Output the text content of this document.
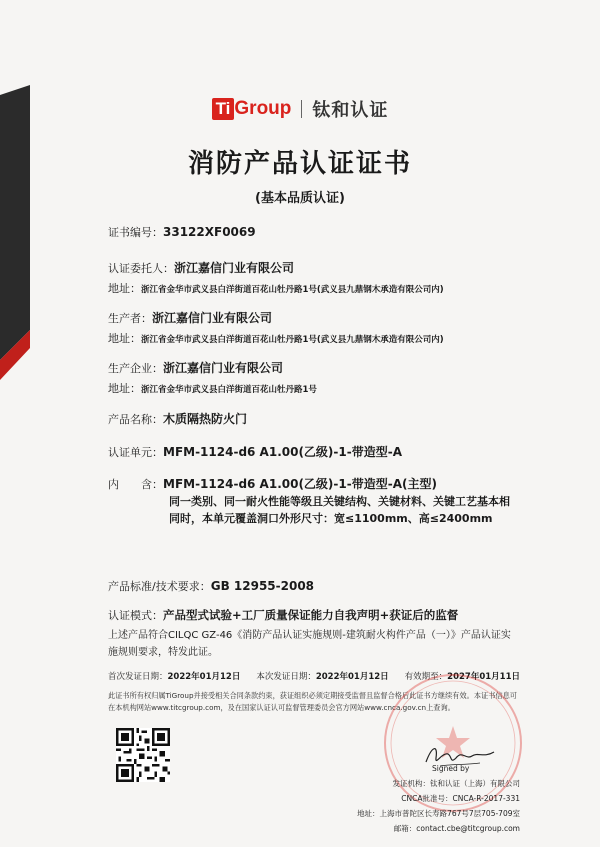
Ti Group 钛和认证
消防产品认证证书
(基本品质认证)
证书编号：33122XF0069
认证委托人：浙江嘉信门业有限公司
地址：浙江省金华市武义县白洋街道百花山牡丹路1号(武义县九鼎钢木承造有限公司内)
生产者：浙江嘉信门业有限公司
地址：浙江省金华市武义县白洋街道百花山牡丹路1号(武义县九鼎钢木承造有限公司内)
生产企业：浙江嘉信门业有限公司
地址：浙江省金华市武义县白洋街道百花山牡丹路1号
产品名称：木质隔热防火门
认证单元：MFM-1124-d6 A1.00(乙级)-1-带造型-A
内　　含：MFM-1124-d6 A1.00(乙级)-1-带造型-A(主型)
同一类别、同一耐火性能等级且关键结构、关键材料、关键工艺基本相同时，本单元覆盖洞口外形尺寸：宽≤1100mm、高≤2400mm
产品标准/技术要求：GB 12955-2008
认证模式：产品型式试验+工厂质量保证能力自我声明+获证后的监督
上述产品符合CILQC GZ-46《消防产品认证实施规则-建筑耐火构件产品（一）》产品认证实施规则要求，特发此证。
首次发证日期：2022年01月12日 本次发证日期：2022年01月12日 有效期至：2027年01月11日
此证书所有权归属TiGroup并接受相关合同条款约束，获证组织必须定期接受监督且监督合格后此证书方继续有效。本证书信息可在本机构网站www.titcgroup.com，及在国家认证认可监督管理委员会官方网站www.cnca.gov.cn上查询。
Signed by
发证机构：钛和认证（上海）有限公司
CNCA批准号：CNCA-R-2017-331
地址：上海市普陀区长寿路767号7层705-709室
邮箱：contact.cbe@titcgroup.com
